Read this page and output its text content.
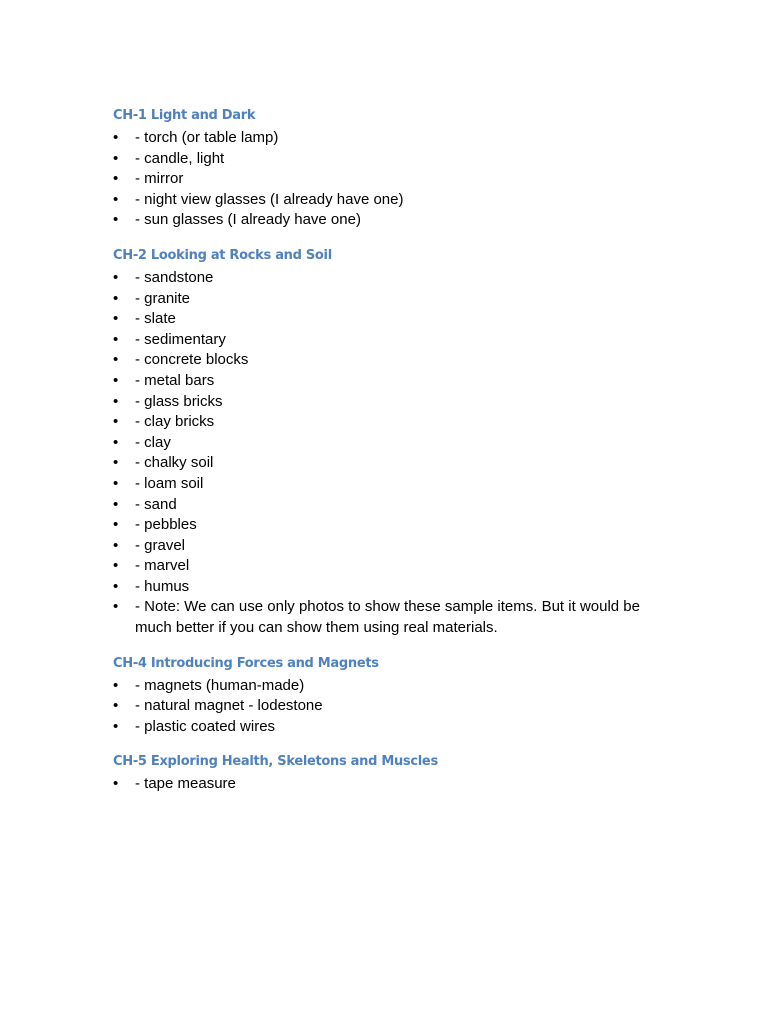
CH-1 Light and Dark
• - torch (or table lamp)
• - candle, light
• - mirror
• - night view glasses (I already have one)
• - sun glasses (I already have one)
CH-2 Looking at Rocks and Soil
• - sandstone
• - granite
• - slate
• - sedimentary
• - concrete blocks
• - metal bars
• - glass bricks
• - clay bricks
• - clay
• - chalky soil
• - loam soil
• - sand
• - pebbles
• - gravel
• - marvel
• - humus
• - Note: We can use only photos to show these sample items. But it would be much better if you can show them using real materials.
CH-4 Introducing Forces and Magnets
• - magnets (human-made)
• - natural magnet - lodestone
• - plastic coated wires
CH-5 Exploring Health, Skeletons and Muscles
• - tape measure
